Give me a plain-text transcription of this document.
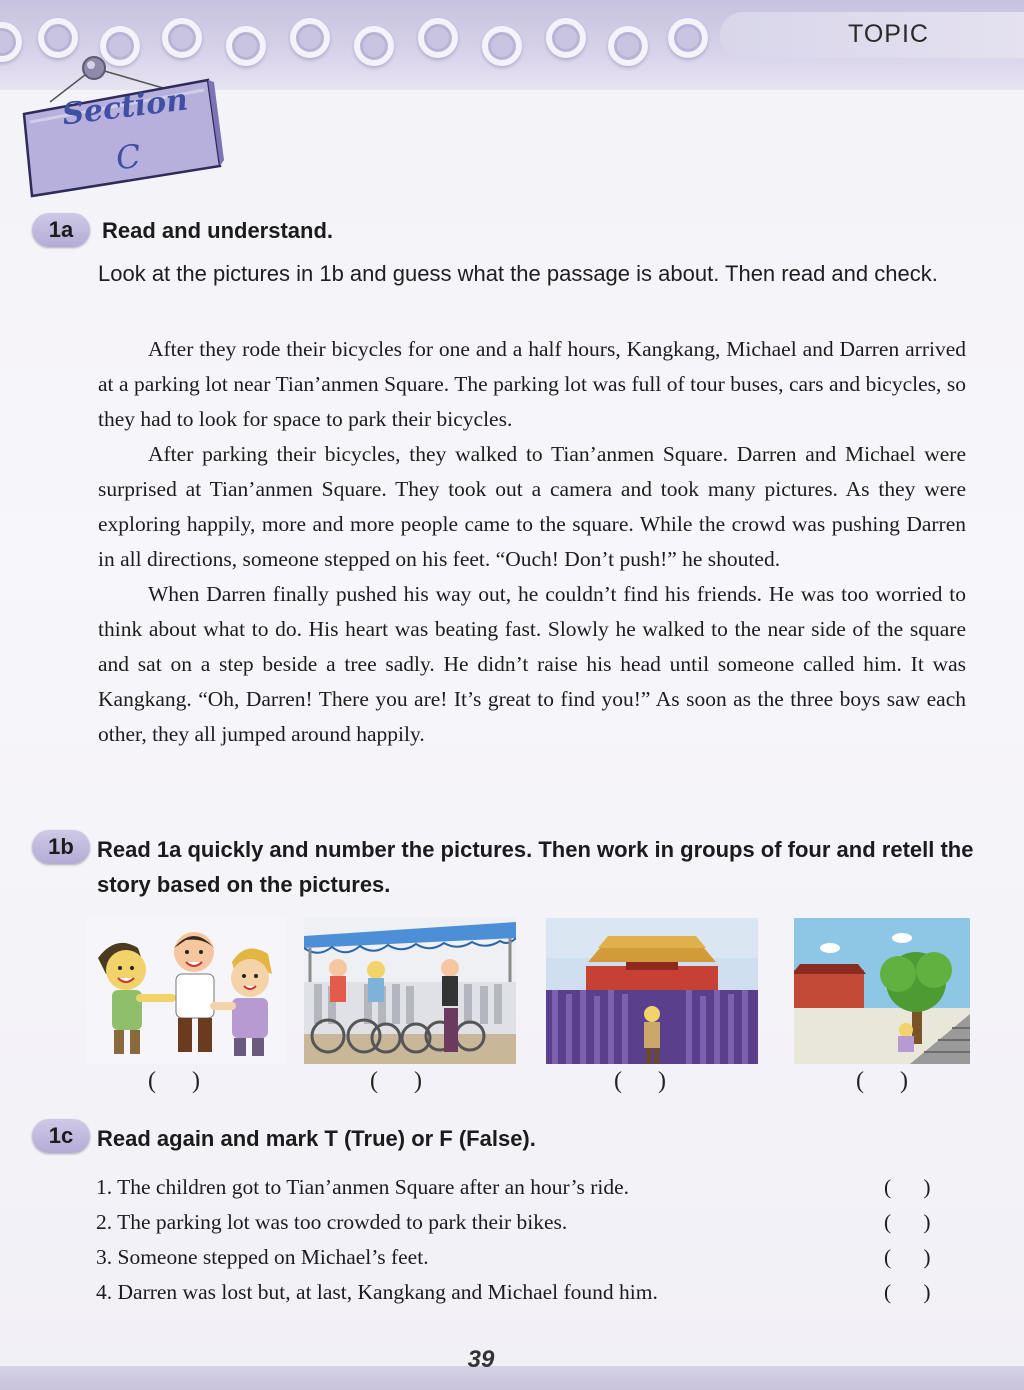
TOPIC
Section
C
1a	Read and understand.
Look at the pictures in 1b and guess what the passage is about. Then read and check.

After they rode their bicycles for one and a half hours, Kangkang, Michael and Darren arrived at a parking lot near Tian’anmen Square. The parking lot was full of tour buses, cars and bicycles, so they had to look for space to park their bicycles.

After parking their bicycles, they walked to Tian’anmen Square. Darren and Michael were surprised at Tian’anmen Square. They took out a camera and took many pictures. As they were exploring happily, more and more people came to the square. While the crowd was pushing Darren in all directions, someone stepped on his feet. “Ouch! Don’t push!” he shouted.

When Darren finally pushed his way out, he couldn’t find his friends. He was too worried to think about what to do. His heart was beating fast. Slowly he walked to the near side of the square and sat on a step beside a tree sadly. He didn’t raise his head until someone called him. It was Kangkang. “Oh, Darren! There you are! It’s great to find you!” As soon as the three boys saw each other, they all jumped around happily.

1b	Read 1a quickly and number the pictures. Then work in groups of four and retell the story based on the pictures.
(      )	(      )	(      )	(      )
1c	Read again and mark T (True) or F (False).
1. The children got to Tian’anmen Square after an hour’s ride.	(      )
2. The parking lot was too crowded to park their bikes.	(      )
3. Someone stepped on Michael’s feet.	(      )
4. Darren was lost but, at last, Kangkang and Michael found him.	(      )
39
